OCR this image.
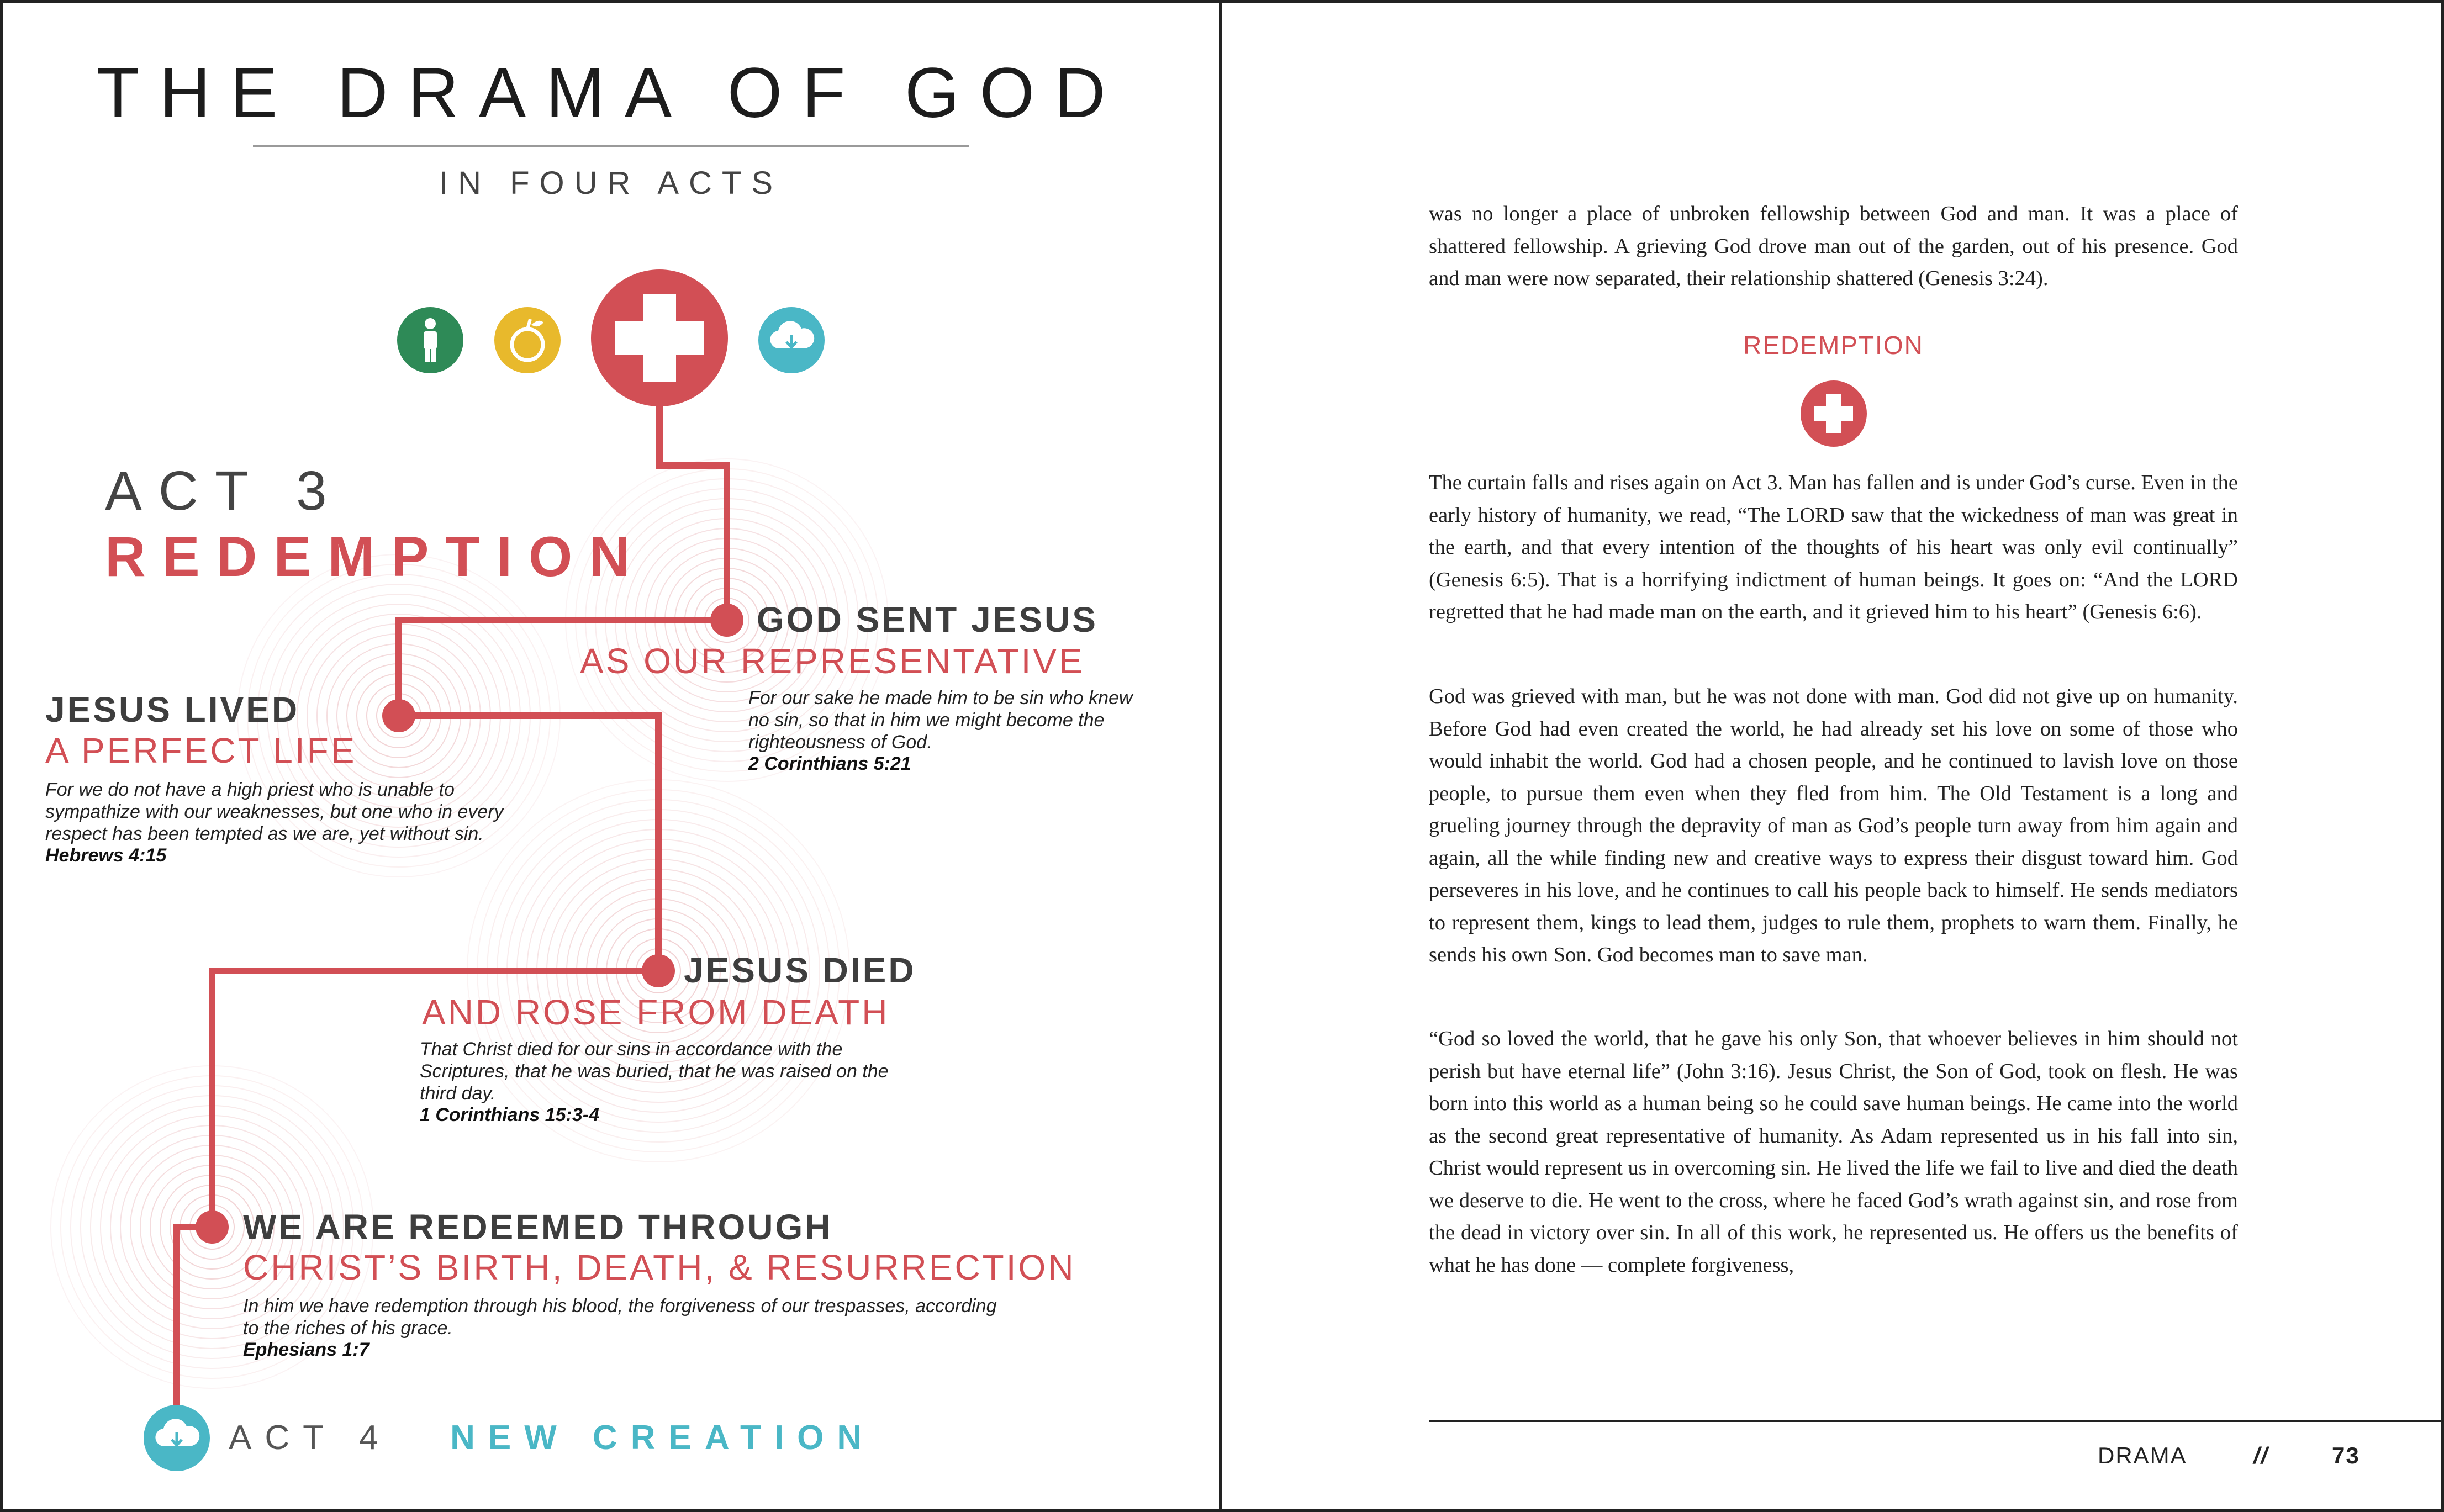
THE DRAMA OF GOD
IN FOUR ACTS
ACT 3
REDEMPTION
GOD SENT JESUS
AS OUR REPRESENTATIVE
For our sake he made him to be sin who knew no sin, so that in him we might become the righteousness of God.
2 Corinthians 5:21
JESUS LIVED
A PERFECT LIFE
For we do not have a high priest who is unable to sympathize with our weaknesses, but one who in every respect has been tempted as we are, yet without sin.
Hebrews 4:15
JESUS DIED
AND ROSE FROM DEATH
That Christ died for our sins in accordance with the Scriptures, that he was buried, that he was raised on the third day.
1 Corinthians 15:3-4
WE ARE REDEEMED THROUGH
CHRIST’S BIRTH, DEATH, & RESURRECTION
In him we have redemption through his blood, the forgiveness of our trespasses, according to the riches of his grace.
Ephesians 1:7
ACT 4 NEW CREATION
was no longer a place of unbroken fellowship between God and man. It was a place of shattered fellowship. A grieving God drove man out of the garden, out of his presence. God and man were now separated, their relationship shattered (Genesis 3:24).
REDEMPTION
The curtain falls and rises again on Act 3. Man has fallen and is under God’s curse. Even in the early history of humanity, we read, “The LORD saw that the wickedness of man was great in the earth, and that every intention of the thoughts of his heart was only evil continually” (Genesis 6:5). That is a horrifying indictment of human beings. It goes on: “And the LORD regretted that he had made man on the earth, and it grieved him to his heart” (Genesis 6:6).
God was grieved with man, but he was not done with man. God did not give up on humanity. Before God had even created the world, he had already set his love on some of those who would inhabit the world. God had a chosen people, and he continued to lavish love on those people, to pursue them even when they fled from him. The Old Testament is a long and grueling journey through the depravity of man as God’s people turn away from him again and again, all the while finding new and creative ways to express their disgust toward him. God perseveres in his love, and he continues to call his people back to himself. He sends mediators to represent them, kings to lead them, judges to rule them, prophets to warn them. Finally, he sends his own Son. God becomes man to save man.
“God so loved the world, that he gave his only Son, that whoever believes in him should not perish but have eternal life” (John 3:16). Jesus Christ, the Son of God, took on flesh. He was born into this world as a human being so he could save human beings. He came into the world as the second great representative of humanity. As Adam represented us in his fall into sin, Christ would represent us in overcoming sin. He lived the life we fail to live and died the death we deserve to die. He went to the cross, where he faced God’s wrath against sin, and rose from the dead in victory over sin. In all of this work, he represented us. He offers us the benefits of what he has done — complete forgiveness,
DRAMA	//	73
